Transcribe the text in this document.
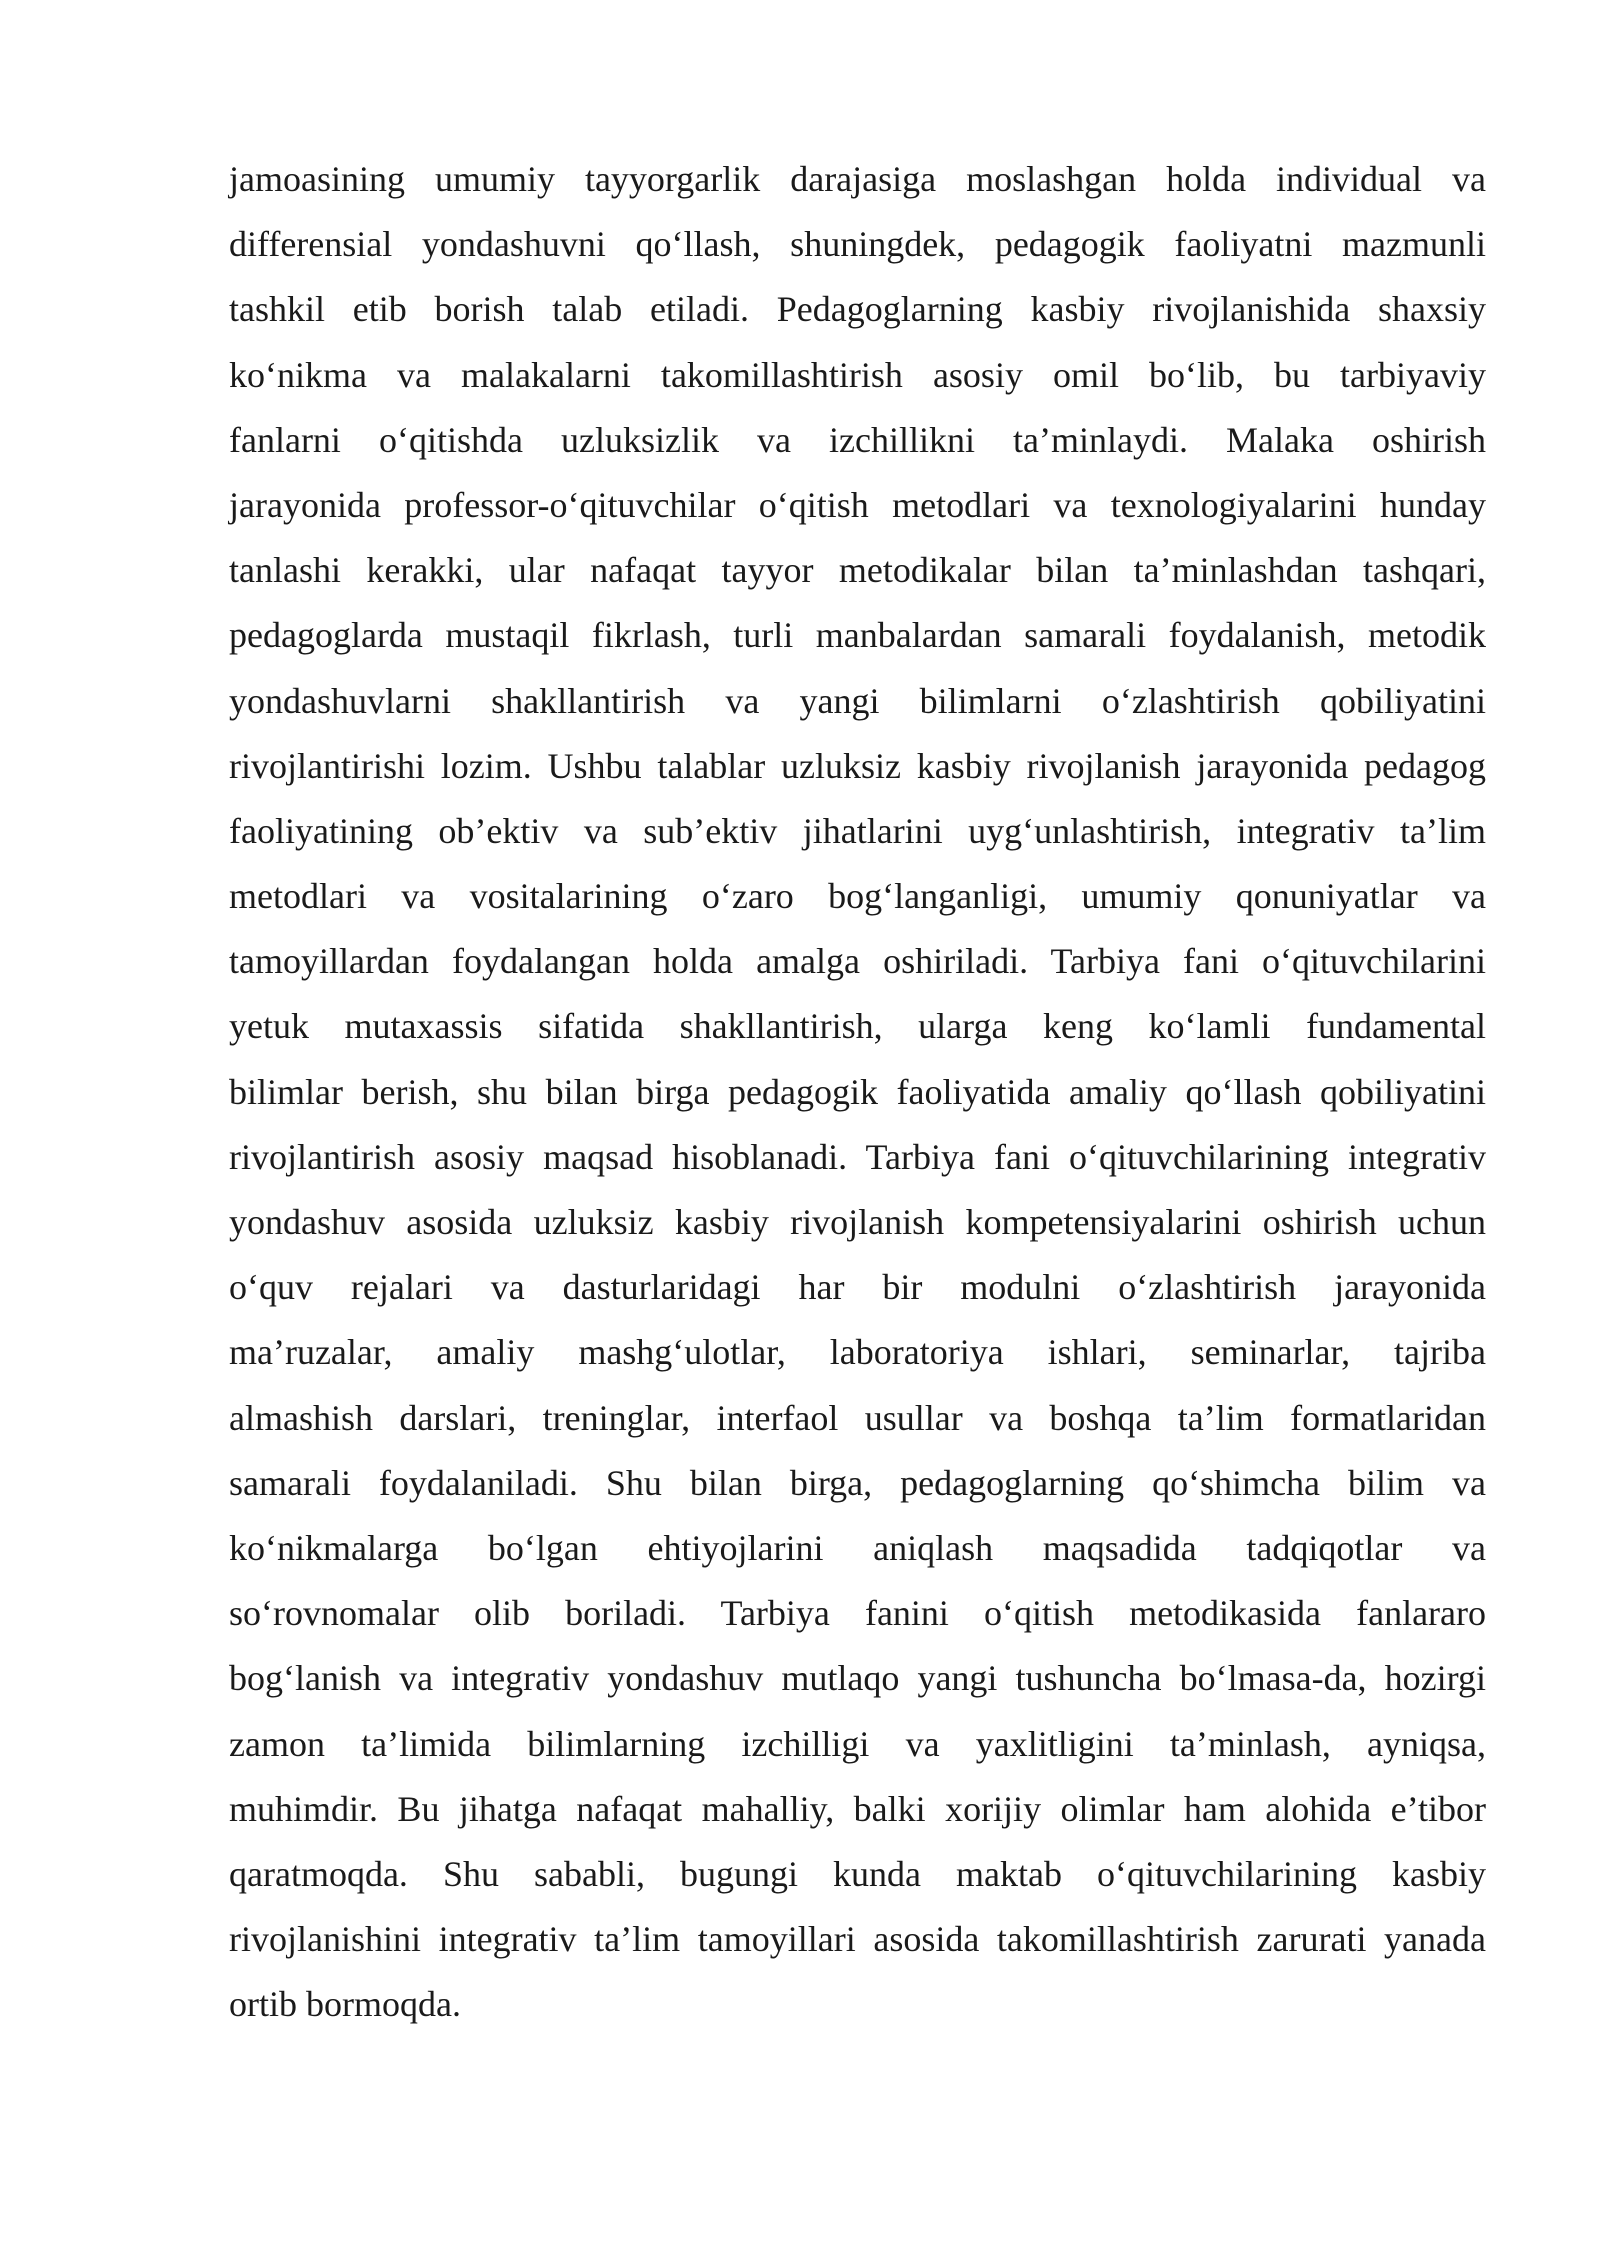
jamoasining umumiy tayyorgarlik darajasiga moslashgan holda individual va
differensial yondashuvni qo‘llash, shuningdek, pedagogik faoliyatni mazmunli
tashkil etib borish talab etiladi. Pedagoglarning kasbiy rivojlanishida shaxsiy
ko‘nikma va malakalarni takomillashtirish asosiy omil bo‘lib, bu tarbiyaviy
fanlarni o‘qitishda uzluksizlik va izchillikni ta’minlaydi. Malaka oshirish
jarayonida professor-o‘qituvchilar o‘qitish metodlari va texnologiyalarini hunday
tanlashi kerakki, ular nafaqat tayyor metodikalar bilan ta’minlashdan tashqari,
pedagoglarda mustaqil fikrlash, turli manbalardan samarali foydalanish, metodik
yondashuvlarni shakllantirish va yangi bilimlarni o‘zlashtirish qobiliyatini
rivojlantirishi lozim. Ushbu talablar uzluksiz kasbiy rivojlanish jarayonida pedagog
faoliyatining ob’ektiv va sub’ektiv jihatlarini uyg‘unlashtirish, integrativ ta’lim
metodlari va vositalarining o‘zaro bog‘langanligi, umumiy qonuniyatlar va
tamoyillardan foydalangan holda amalga oshiriladi. Tarbiya fani o‘qituvchilarini
yetuk mutaxassis sifatida shakllantirish, ularga keng ko‘lamli fundamental
bilimlar berish, shu bilan birga pedagogik faoliyatida amaliy qo‘llash qobiliyatini
rivojlantirish asosiy maqsad hisoblanadi. Tarbiya fani o‘qituvchilarining integrativ
yondashuv asosida uzluksiz kasbiy rivojlanish kompetensiyalarini oshirish uchun
o‘quv rejalari va dasturlaridagi har bir modulni o‘zlashtirish jarayonida
ma’ruzalar, amaliy mashg‘ulotlar, laboratoriya ishlari, seminarlar, tajriba
almashish darslari, treninglar, interfaol usullar va boshqa ta’lim formatlaridan
samarali foydalaniladi. Shu bilan birga, pedagoglarning qo‘shimcha bilim va
ko‘nikmalarga bo‘lgan ehtiyojlarini aniqlash maqsadida tadqiqotlar va
so‘rovnomalar olib boriladi. Tarbiya fanini o‘qitish metodikasida fanlararo
bog‘lanish va integrativ yondashuv mutlaqo yangi tushuncha bo‘lmasa-da, hozirgi
zamon ta’limida bilimlarning izchilligi va yaxlitligini ta’minlash, ayniqsa,
muhimdir. Bu jihatga nafaqat mahalliy, balki xorijiy olimlar ham alohida e’tibor
qaratmoqda. Shu sababli, bugungi kunda maktab o‘qituvchilarining kasbiy
rivojlanishini integrativ ta’lim tamoyillari asosida takomillashtirish zarurati yanada
ortib bormoqda.
